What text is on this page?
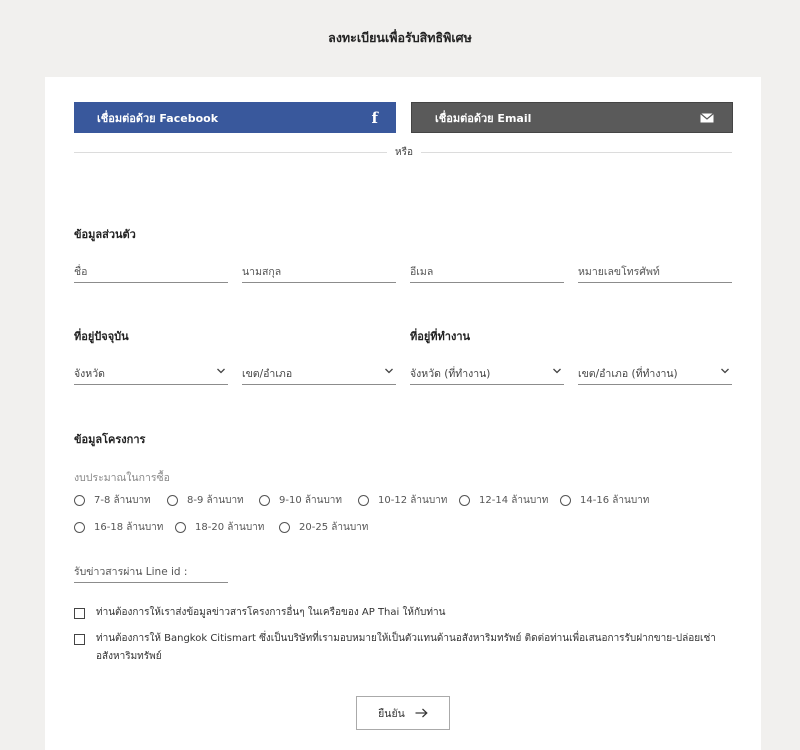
ลงทะเบียนเพื่อรับสิทธิพิเศษ
เชื่อมต่อด้วย Facebook	f	เชื่อมต่อด้วย Email
หรือ
ข้อมูลส่วนตัว
ชื่อ	นามสกุล	อีเมล	หมายเลขโทรศัพท์
ที่อยู่ปัจจุบัน	ที่อยู่ที่ทำงาน
จังหวัด	เขต/อำเภอ	จังหวัด (ที่ทำงาน)	เขต/อำเภอ (ที่ทำงาน)
ข้อมูลโครงการ
งบประมาณในการซื้อ
7-8 ล้านบาท	8-9 ล้านบาท	9-10 ล้านบาท	10-12 ล้านบาท	12-14 ล้านบาท	14-16 ล้านบาท
16-18 ล้านบาท	18-20 ล้านบาท	20-25 ล้านบาท
รับข่าวสารผ่าน Line id :
ท่านต้องการให้เราส่งข้อมูลข่าวสารโครงการอื่นๆ ในเครือของ AP Thai ให้กับท่าน
ท่านต้องการให้ Bangkok Citismart ซึ่งเป็นบริษัทที่เรามอบหมายให้เป็นตัวแทนด้านอสังหาริมทรัพย์ ติดต่อท่านเพื่อเสนอการรับฝากขาย-ปล่อยเช่าอสังหาริมทรัพย์
ยืนยัน
